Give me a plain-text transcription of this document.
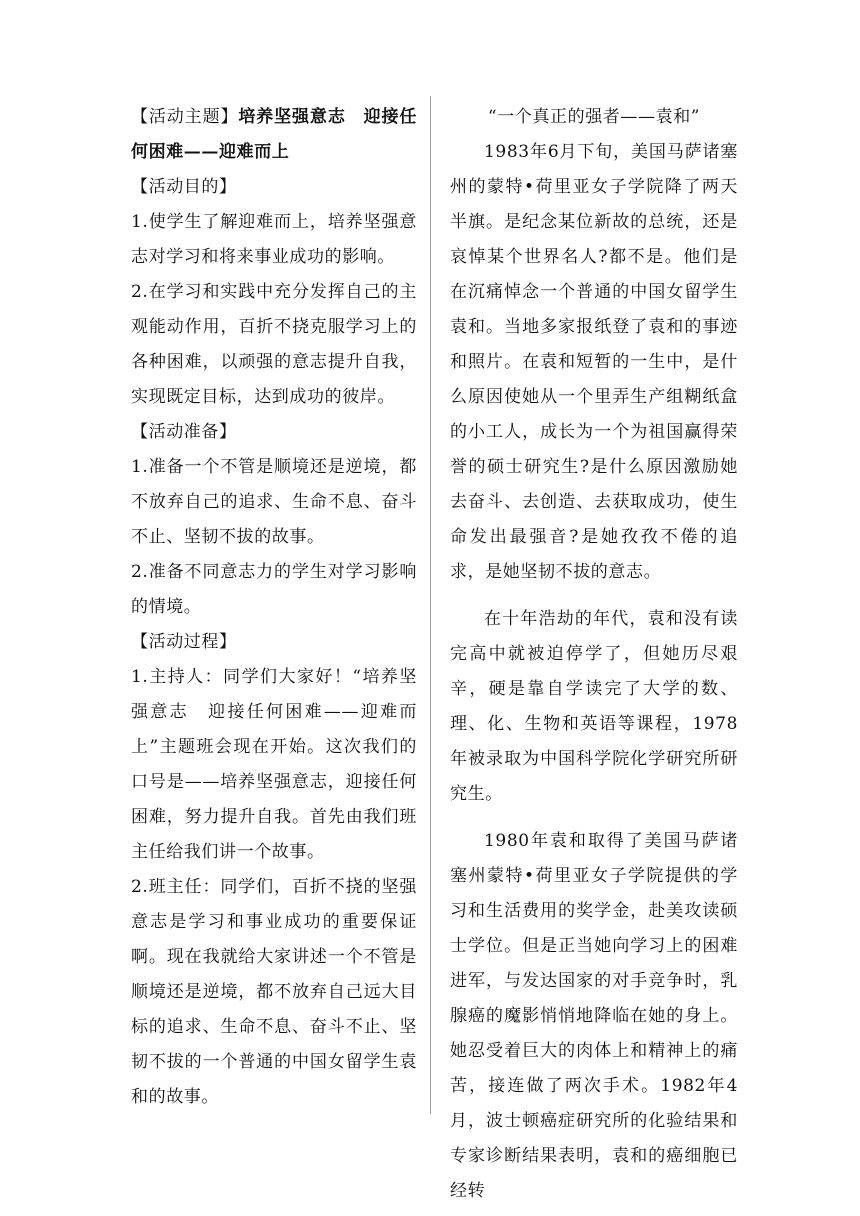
【活动主题】培养坚强意志　迎接任何困难——迎难而上

【活动目的】

1.使学生了解迎难而上，培养坚强意志对学习和将来事业成功的影响。

2.在学习和实践中充分发挥自己的主观能动作用，百折不挠克服学习上的各种困难，以顽强的意志提升自我，实现既定目标，达到成功的彼岸。

【活动准备】

1.准备一个不管是顺境还是逆境，都不放弃自己的追求、生命不息、奋斗不止、坚韧不拔的故事。

2.准备不同意志力的学生对学习影响的情境。

【活动过程】

1.主持人：同学们大家好！“培养坚强意志　迎接任何困难——迎难而上”主题班会现在开始。这次我们的口号是——培养坚强意志，迎接任何困难，努力提升自我。首先由我们班主任给我们讲一个故事。

2.班主任：同学们，百折不挠的坚强意志是学习和事业成功的重要保证啊。现在我就给大家讲述一个不管是顺境还是逆境，都不放弃自己远大目标的追求、生命不息、奋斗不止、坚韧不拔的一个普通的中国女留学生袁和的故事。

“一个真正的强者——袁和”

1983年6月下旬，美国马萨诸塞州的蒙特•荷里亚女子学院降了两天半旗。是纪念某位新故的总统，还是哀悼某个世界名人?都不是。他们是在沉痛悼念一个普通的中国女留学生袁和。当地多家报纸登了袁和的事迹和照片。在袁和短暂的一生中，是什么原因使她从一个里弄生产组糊纸盒的小工人，成长为一个为祖国赢得荣誉的硕士研究生?是什么原因激励她去奋斗、去创造、去获取成功，使生命发出最强音?是她孜孜不倦的追求，是她坚韧不拔的意志。

在十年浩劫的年代，袁和没有读完高中就被迫停学了，但她历尽艰辛，硬是靠自学读完了大学的数、理、化、生物和英语等课程，1978年被录取为中国科学院化学研究所研究生。

1980年袁和取得了美国马萨诸塞州蒙特•荷里亚女子学院提供的学习和生活费用的奖学金，赴美攻读硕士学位。但是正当她向学习上的困难进军，与发达国家的对手竞争时，乳腺癌的魔影悄悄地降临在她的身上。她忍受着巨大的肉体上和精神上的痛苦，接连做了两次手术。1982年4月，波士顿癌症研究所的化验结果和专家诊断结果表明，袁和的癌细胞已经转
